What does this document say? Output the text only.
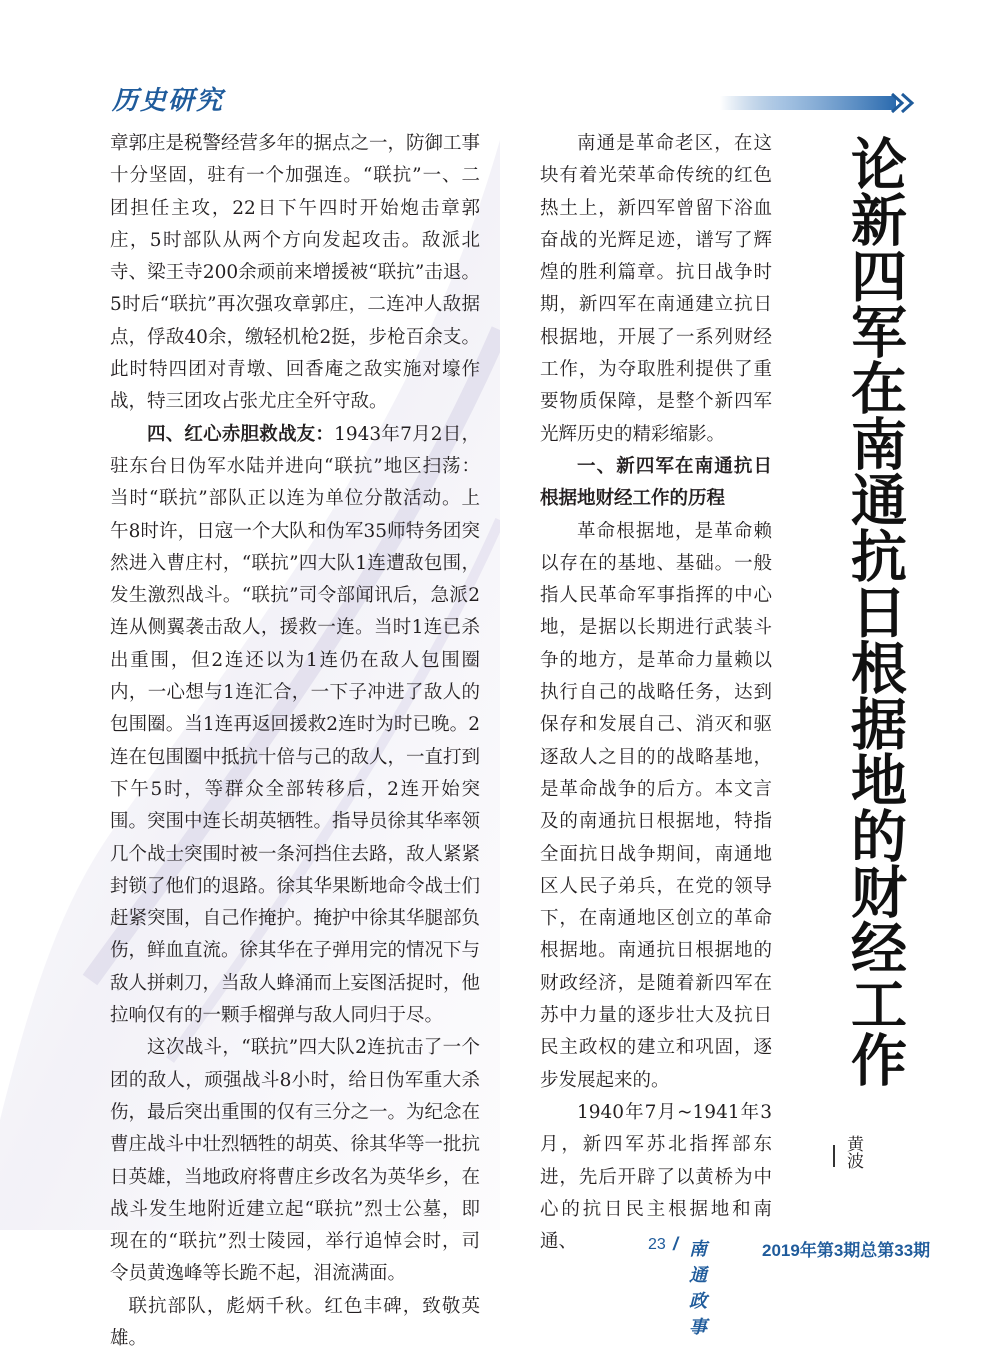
历史研究

章郭庄是税警经营多年的据点之一，防御工事十分坚固，驻有一个加强连。“联抗”一、二团担任主攻，22日下午四时开始炮击章郭庄，5时部队从两个方向发起攻击。敌派北寺、梁王寺200余顽前来增援被“联抗”击退。5时后“联抗”再次强攻章郭庄，二连冲人敌据点，俘敌40余，缴轻机枪2挺，步枪百余支。此时特四团对青墩、回香庵之敌实施对壕作战，特三团攻占张尤庄全歼守敌。

四、红心赤胆救战友：1943年7月2日，驻东台日伪军水陆并进向“联抗”地区扫荡：当时“联抗”部队正以连为单位分散活动。上午8时许，日寇一个大队和伪军35师特务团突然进入曹庄村，“联抗”四大队1连遭敌包围，发生激烈战斗。“联抗”司令部闻讯后，急派2连从侧翼袭击敌人，援救一连。当时1连已杀出重围，但2连还以为1连仍在敌人包围圈内，一心想与1连汇合，一下子冲进了敌人的包围圈。当1连再返回援救2连时为时已晚。2连在包围圈中抵抗十倍与己的敌人，一直打到下午5时，等群众全部转移后，2连开始突围。突围中连长胡英牺牲。指导员徐其华率领几个战士突围时被一条河挡住去路，敌人紧紧封锁了他们的退路。徐其华果断地命令战士们赶紧突围，自己作掩护。掩护中徐其华腿部负伤，鲜血直流。徐其华在子弹用完的情况下与敌人拼刺刀，当敌人蜂涌而上妄图活捉时，他拉响仅有的一颗手榴弹与敌人同归于尽。

这次战斗，“联抗”四大队2连抗击了一个团的敌人，顽强战斗8小时，给日伪军重大杀伤，最后突出重围的仅有三分之一。为纪念在曹庄战斗中壮烈牺牲的胡英、徐其华等一批抗日英雄，当地政府将曹庄乡改名为英华乡，在战斗发生地附近建立起“联抗”烈士公墓，即现在的“联抗”烈士陵园，举行追悼会时，司令员黄逸峰等长跪不起，泪流满面。

联抗部队，彪炳千秋。红色丰碑，致敬英雄。

南通是革命老区，在这块有着光荣革命传统的红色热土上，新四军曾留下浴血奋战的光辉足迹，谱写了辉煌的胜利篇章。抗日战争时期，新四军在南通建立抗日根据地，开展了一系列财经工作，为夺取胜利提供了重要物质保障，是整个新四军光辉历史的精彩缩影。

一、新四军在南通抗日根据地财经工作的历程

革命根据地，是革命赖以存在的基地、基础。一般指人民革命军事指挥的中心地，是据以长期进行武装斗争的地方，是革命力量赖以执行自己的战略任务，达到保存和发展自己、消灭和驱逐敌人之目的的战略基地，是革命战争的后方。本文言及的南通抗日根据地，特指全面抗日战争期间，南通地区人民子弟兵，在党的领导下，在南通地区创立的革命根据地。南通抗日根据地的财政经济，是随着新四军在苏中力量的逐步壮大及抗日民主政权的建立和巩固，逐步发展起来的。

1940年7月~1941年3月，新四军苏北指挥部东进，先后开辟了以黄桥为中心的抗日民主根据地和南通、

论新四军在南通抗日根据地的财经工作
黄波
23 / 南通政事
2019年第3期总第33期
